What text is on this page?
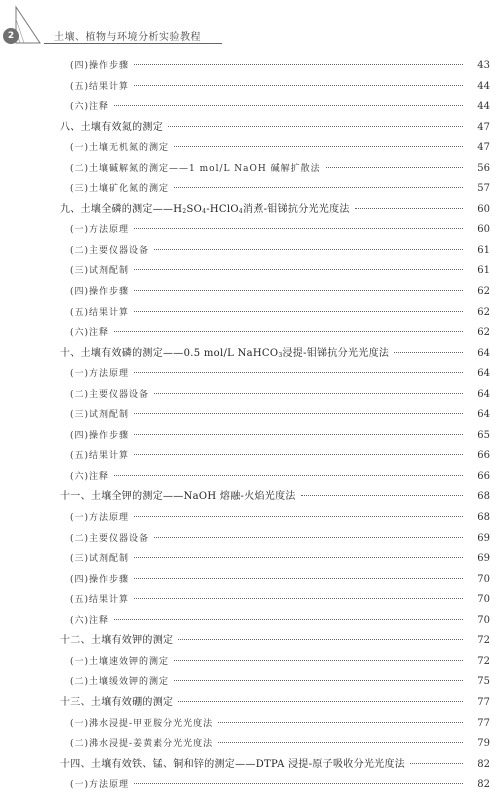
2	土壤、植物与环境分析实验教程
(四)操作步骤	43
(五)结果计算	44
(六)注释	44
八、土壤有效氮的测定	47
(一)土壤无机氮的测定	47
(二)土壤碱解氮的测定——1 mol/L NaOH 碱解扩散法	56
(三)土壤矿化氮的测定	57
九、土壤全磷的测定$——H_2SO_4-HClO_4$消煮-钼锑抗分光光度法	60
(一)方法原理	60
(二)主要仪器设备	61
(三)试剂配制	61
(四)操作步骤	62
(五)结果计算	62
(六)注释	62
十、土壤有效磷的测定——0.5 mol/L NaHCO$_3$浸提-钼锑抗分光光度法	64
(一)方法原理	64
(二)主要仪器设备	64
(三)试剂配制	64
(四)操作步骤	65
(五)结果计算	66
(六)注释	66
十一、土壤全钾的测定——NaOH 熔融-火焰光度法	68
(一)方法原理	68
(二)主要仪器设备	69
(三)试剂配制	69
(四)操作步骤	70
(五)结果计算	70
(六)注释	70
十二、土壤有效钾的测定	72
(一)土壤速效钾的测定	72
(二)土壤缓效钾的测定	75
十三、土壤有效硼的测定	77
(一)沸水浸提-甲亚胺分光光度法	77
(二)沸水浸提-姜黄素分光光度法	79
十四、土壤有效铁、锰、铜和锌的测定——DTPA 浸提-原子吸收分光光度法	82
(一)方法原理	82
